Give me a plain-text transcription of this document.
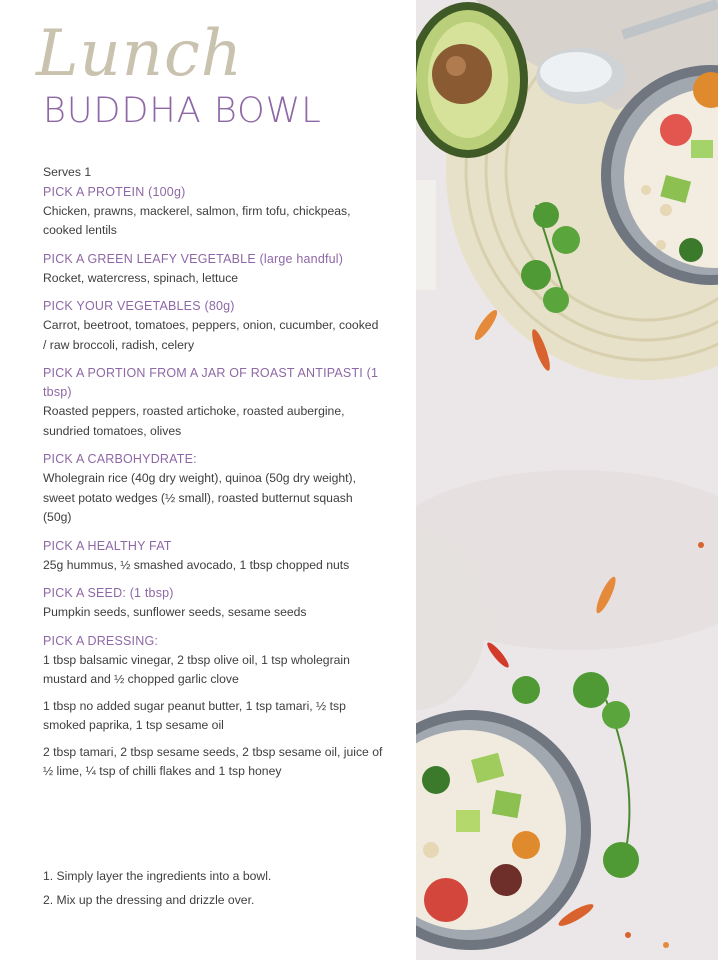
Lunch
BUDDHA BOWL

Serves 1

PICK A PROTEIN (100g)

Chicken, prawns, mackerel, salmon, firm tofu, chickpeas, cooked lentils

PICK A GREEN LEAFY VEGETABLE (large handful)

Rocket, watercress, spinach, lettuce

PICK YOUR VEGETABLES (80g)

Carrot, beetroot, tomatoes, peppers, onion, cucumber, cooked / raw broccoli, radish, celery

PICK A PORTION FROM A JAR OF ROAST ANTIPASTI (1 tbsp)

Roasted peppers, roasted artichoke, roasted aubergine, sundried tomatoes, olives

PICK A CARBOHYDRATE:

Wholegrain rice (40g dry weight), quinoa (50g dry weight), sweet potato wedges (½ small), roasted butternut squash (50g)

PICK A HEALTHY FAT

25g hummus, ½ smashed avocado, 1 tbsp chopped nuts

PICK A SEED: (1 tbsp)

Pumpkin seeds, sunflower seeds, sesame seeds

PICK A DRESSING:

1 tbsp balsamic vinegar, 2 tbsp olive oil, 1 tsp wholegrain mustard and ½ chopped garlic clove

1 tbsp no added sugar peanut butter, 1 tsp tamari, ½ tsp smoked paprika, 1 tsp sesame oil

2 tbsp tamari, 2 tbsp sesame seeds, 2 tbsp sesame oil, juice of ½ lime, ¼ tsp of chilli flakes and 1 tsp honey

1. Simply layer the ingredients into a bowl.
2. Mix up the dressing and drizzle over.
